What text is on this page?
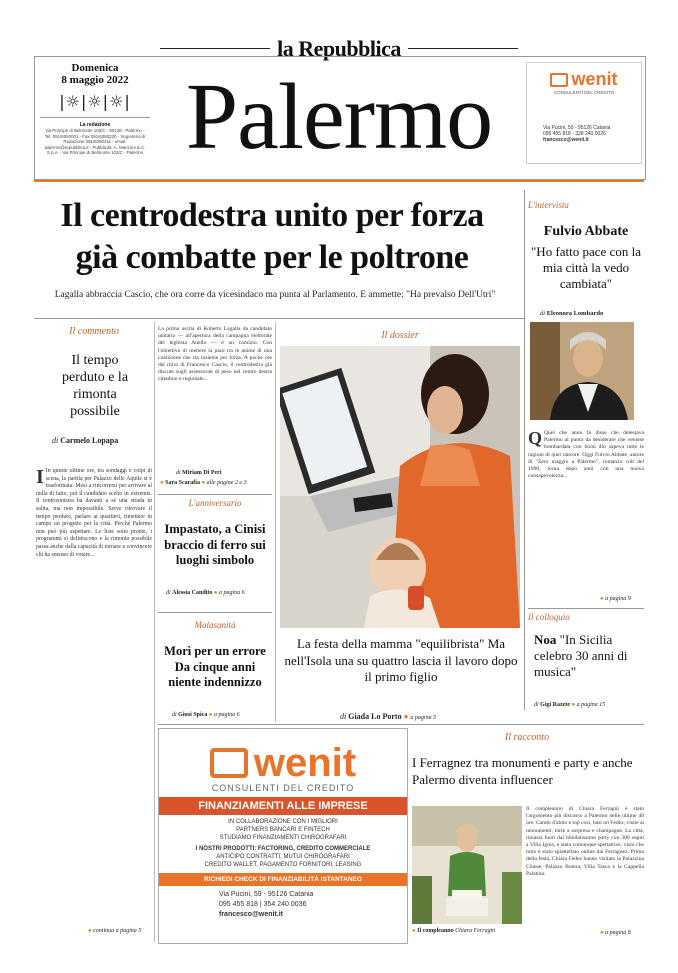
la Repubblica
Palermo
Domenica
8 maggio 2022
|☼|☼|☼|
La redazione
via Principe di Belmonte 103/C - 90139 - Palermo - Tel. 091/6050001 - Fax 091/6050220 - Segreteria di Redazione 091/6050211 - email: palermo@repubblica.it - Pubblicità: A. Manzoni & C. S.p.A. - via Principe di Belmonte 103/C - Palermo
wenit
CONSULENTI DEL CREDITO
Via Pucini, 59 - 95126 Catania
095 455 818 - 328 240 0026
francesco@wenit.it
Il centrodestra unito per forza
già combatte per le poltrone
Lagalla abbraccia Cascio, che ora corre da vicesindaco ma punta al Parlamento. E ammette: "Ha prevalso Dell'Utri"
L'intervista
Fulvio Abbate
"Ho fatto pace con la mia città la vedo cambiata"
di Eleonora Lombardo
Q Quel che anno fa disse che detestava Palermo al punto da desiderare che venisse bombardata con buon dio sapeva tutte le ragioni di quel rancore. Oggi Fulvio Abbate, autore di "Zero maggio a Palermo", romanzo cult del 1990, torna dopo anni con una nuova consapevolezza...
● a pagina 9
Il colloquio
Noa "In Sicilia celebro 30 anni di musica"
di Gigi Razete ● a pagina 15
Il commento
Il tempo perduto e la rimonta possibile
di Carmelo Lopapa
I In queste ultime ore, tra sondaggi e colpi di scena, la partita per Palazzo delle Aquile si è trasformata. Mesi a rincorrersi per arrivare al nulla di fatto, poi il candidato scelto in extremis. Il centrosinistra ha davanti a sé una strada in salita, ma non impossibile. Serve ritrovare il tempo perduto, parlare ai quartieri, rimettere in campo un progetto per la città. Perché Palermo non può più aspettare. Le liste sono pronte, i programmi si definiscono e la rimonta possibile passa anche dalla capacità di tornare a convincere chi ha smesso di votare...
● continua a pagina 5
La prima uscita di Roberto Lagalla da candidato unitario — all'apertura della campagna elettorale del leghista Anello — è un comizio. Con l'obiettivo di mettere la pace tra le anime di una coalizione che sta insieme per forza. A poche ore dal ritiro di Francesco Cascio, il centrodestra già discute sugli assessorati di peso nel centro destra cittadino e regionale...
di Miriam Di Peri
● Sara Scarafia ● alle pagine 2 e 3
L'anniversario
Impastato, a Cinisi braccio di ferro sui luoghi simbolo
di Alessia Candito ● a pagina 6
Malasanità
Morì per un errore Da cinque anni niente indennizzo
di Giusi Spica ● a pagina 6
Il dossier
La festa della mamma "equilibrista" Ma nell'Isola una su quattro lascia il lavoro dopo il primo figlio
di Giada Lo Porto ● a pagina 5
wenit
CONSULENTI DEL CREDITO
FINANZIAMENTI ALLE IMPRESE
IN COLLABORAZIONE CON I MIGLIORI
PARTNERS BANCARI E FINTECH
STUDIAMO FINANZIAMENTI CHIROGRAFARI
I NOSTRI PRODOTTI: FACTORING, CREDITO COMMERCIALE
ANTICIPO CONTRATTI, MUTUI CHIROGRAFARI
CREDITO WALLET, PAGAMENTO FORNITORI, LEASING
RICHIEDI CHECK DI FINANZIABILITÀ ISTANTANEO
Via Pucini, 59 - 95126 Catania
095 455 818 | 354 240 0036
francesco@wenit.it
Il racconto
I Ferragnez tra monumenti e party e anche Palermo diventa influencer
● Il compleanno Chiara Ferragni
Il compleanno di Chiara Ferragni è stato l'argomento più discusso a Palermo nelle ultime 48 ore. Cambi d'abito e top così, bast on Fedez, visite ai monumenti, torte a sorpresa e champagne. La città, rimasta fuori dal blindatissimo party con 300 ospiti a Villa Igiea, è stata comunque spettatrice, visto che tutto è stato spiattellato online dai Ferragnez. Prima della festa, Chiara Fedez hanno visitato la Palazzina Cinese, Palazzo Butera, Villa Tasca e la Cappella Palatina.
● a pagina 8
